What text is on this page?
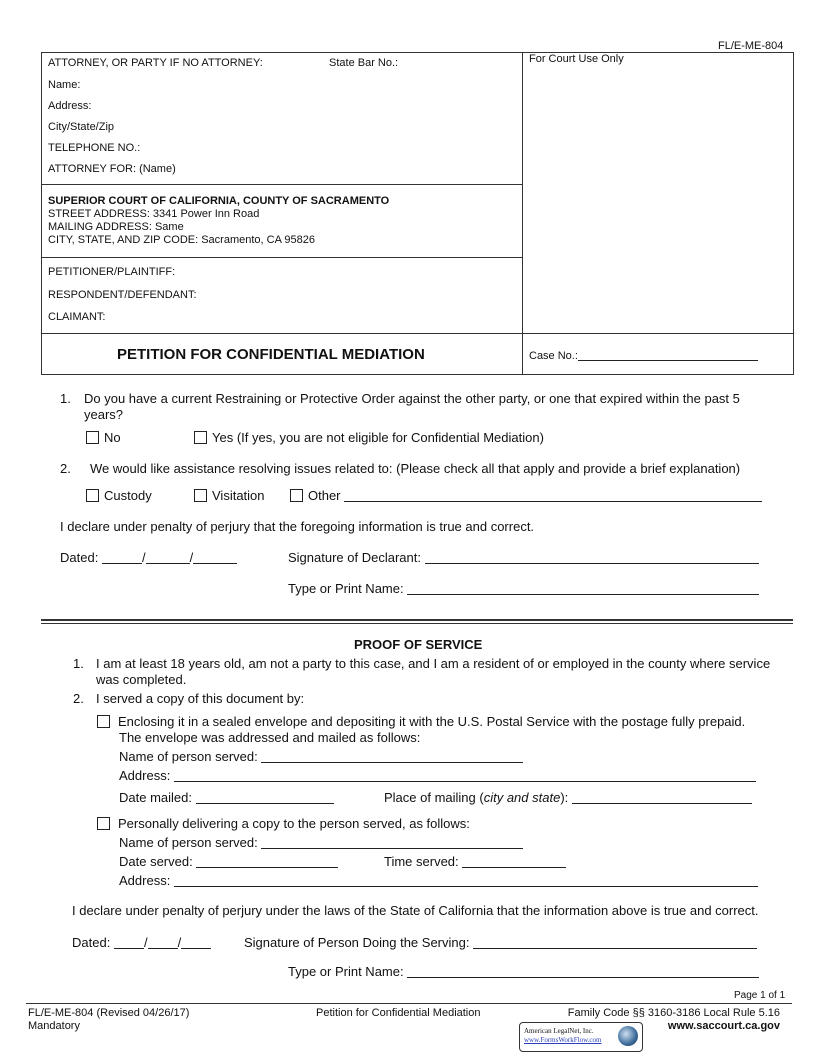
FL/E-ME-804
ATTORNEY, OR PARTY IF NO ATTORNEY:	State Bar No.:
Name:
Address:
City/State/Zip
TELEPHONE NO.:
ATTORNEY FOR: (Name)
For Court Use Only
SUPERIOR COURT OF CALIFORNIA, COUNTY OF SACRAMENTO
STREET ADDRESS: 3341 Power Inn Road
MAILING ADDRESS: Same
CITY, STATE, AND ZIP CODE: Sacramento, CA 95826
PETITIONER/PLAINTIFF:
RESPONDENT/DEFENDANT:
CLAIMANT:
PETITION FOR CONFIDENTIAL MEDIATION	Case No.:
1. Do you have a current Restraining or Protective Order against the other party, or one that expired within the past 5
years?
No	Yes (If yes, you are not eligible for Confidential Mediation)
2. We would like assistance resolving issues related to: (Please check all that apply and provide a brief explanation)
Custody	Visitation	Other
I declare under penalty of perjury that the foregoing information is true and correct.
Dated:	/	/	Signature of Declarant:
Type or Print Name:
PROOF OF SERVICE
1. I am at least 18 years old, am not a party to this case, and I am a resident of or employed in the county where service
was completed.
2. I served a copy of this document by:
Enclosing it in a sealed envelope and depositing it with the U.S. Postal Service with the postage fully prepaid.
The envelope was addressed and mailed as follows:
Name of person served:
Address:
Date mailed:	Place of mailing (city and state):
Personally delivering a copy to the person served, as follows:
Name of person served:
Date served:	Time served:
Address:
I declare under penalty of perjury under the laws of the State of California that the information above is true and correct.
Dated:	/ /	Signature of Person Doing the Serving:
Type or Print Name:
Page 1 of 1
FL/E-ME-804 (Revised 04/26/17)
Mandatory
Petition for Confidential Mediation	Family Code §§ 3160-3186 Local Rule 5.16
www.saccourt.ca.gov
American LegalNet, Inc.
www.FormsWorkFlow.com
